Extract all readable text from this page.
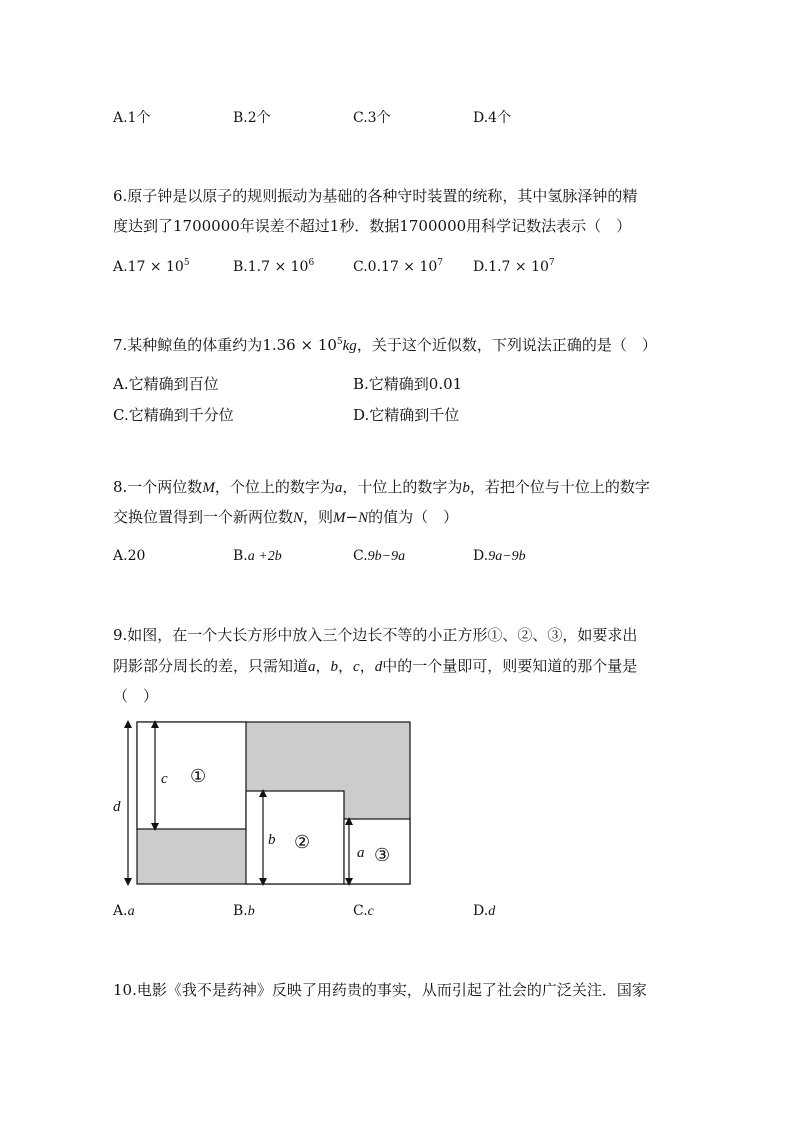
A.1个	B.2个	C.3个	D.4个
6.原子钟是以原子的规则振动为基础的各种守时装置的统称，其中氢脉泽钟的精
度达到了1700000年误差不超过1秒．数据1700000用科学记数法表示（　）
$A.17 \times 10^5$	$B.1.7 \times 10^6$	$C.0.17 \times 10^7$ $D.1.7 \times 10^7$
7.某种鲸鱼的体重约为$1.36 \times 10^5kg$，关于这个近似数，下列说法正确的是（　）
A.它精确到百位	B.它精确到0.01
C.它精确到千分位	D.它精确到千位
8.一个两位数M，个位上的数字为a，十位上的数字为b，若把个位与十位上的数字
交换位置得到一个新两位数N，则M−N的值为（　）
A.20	B.a +2b	C.9b−9a	D.9a−9b
9.如图，在一个大长方形中放入三个边长不等的小正方形①、②、③，如要求出
阴影部分周长的差，只需知道a，b，c，d中的一个量即可，则要知道的那个量是
（　）
d
c
b
a
①
②
③
A.a	B.b	C.c	D.d
10.电影《我不是药神》反映了用药贵的事实，从而引起了社会的广泛关注．国家
